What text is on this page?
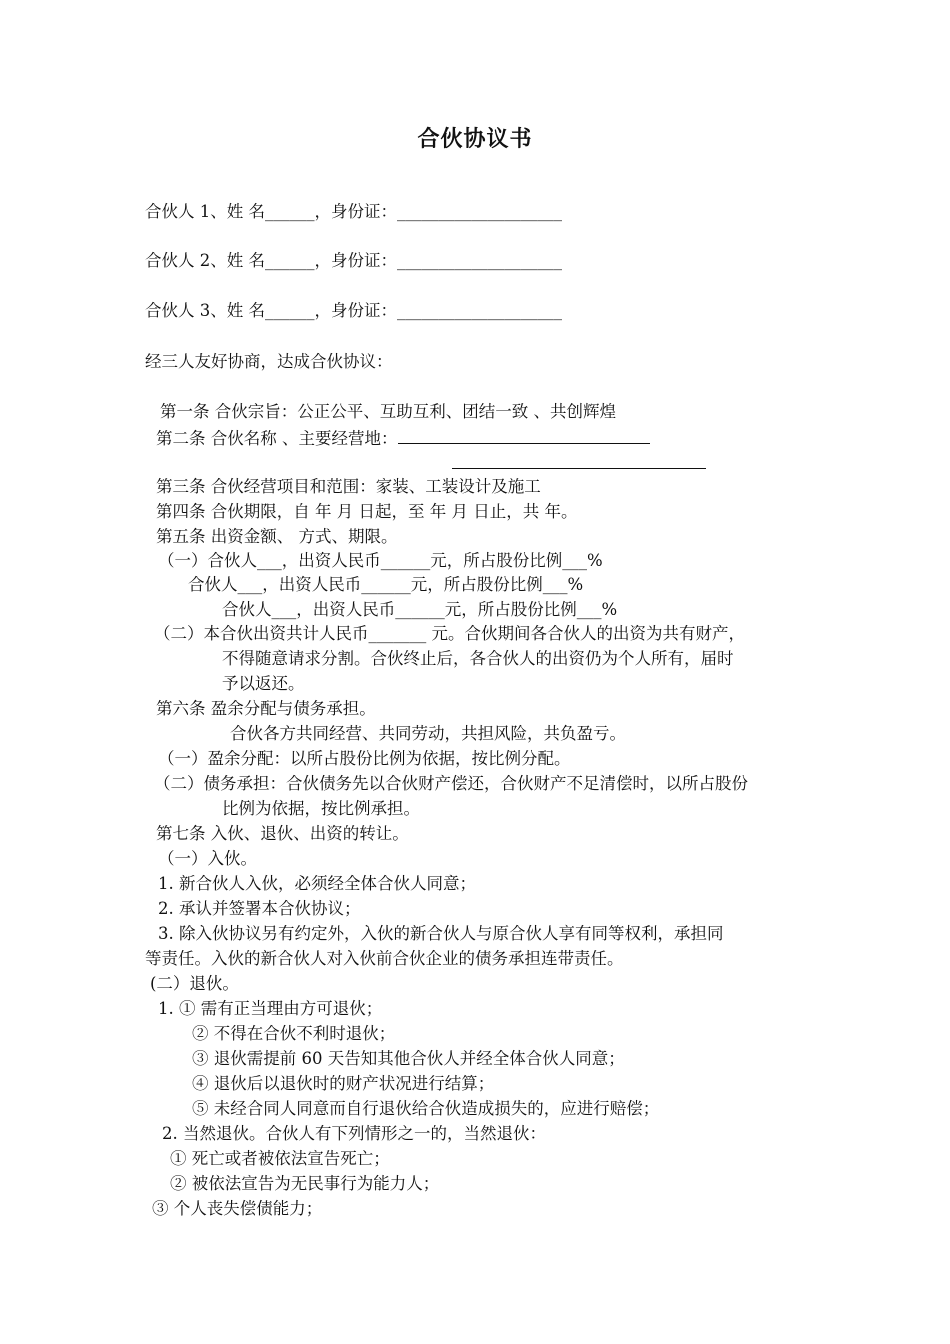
合伙协议书
合伙人 1、姓 名______，身份证：____________________
合伙人 2、姓 名______，身份证：____________________
合伙人 3、姓 名______，身份证：____________________
经三人友好协商，达成合伙协议：
第一条 合伙宗旨：公正公平、互助互利、团结一致 、共创辉煌
第二条 合伙名称 、主要经营地：
第三条 合伙经营项目和范围：家装、工装设计及施工
第四条 合伙期限，自 年 月 日起，至 年 月 日止，共 年。
第五条 出资金额、 方式、期限。
（一）合伙人___，出资人民币______元，所占股份比例___%
合伙人___，出资人民币______元，所占股份比例___%
合伙人___，出资人民币______元，所占股份比例___%
（二）本合伙出资共计人民币_______ 元。合伙期间各合伙人的出资为共有财产，
不得随意请求分割。合伙终止后，各合伙人的出资仍为个人所有，届时
予以返还。
第六条 盈余分配与债务承担。
合伙各方共同经营、共同劳动，共担风险，共负盈亏。
（一）盈余分配：以所占股份比例为依据，按比例分配。
（二）债务承担：合伙债务先以合伙财产偿还，合伙财产不足清偿时，以所占股份
比例为依据，按比例承担。
第七条 入伙、退伙、出资的转让。
（一）入伙。
1. 新合伙人入伙，必须经全体合伙人同意；
2. 承认并签署本合伙协议；
3. 除入伙协议另有约定外，入伙的新合伙人与原合伙人享有同等权利，承担同
等责任。入伙的新合伙人对入伙前合伙企业的债务承担连带责任。
(二）退伙。
1. ① 需有正当理由方可退伙；
② 不得在合伙不利时退伙；
③ 退伙需提前 60 天告知其他合伙人并经全体合伙人同意；
④ 退伙后以退伙时的财产状况进行结算；
⑤ 未经合同人同意而自行退伙给合伙造成损失的，应进行赔偿；
2. 当然退伙。合伙人有下列情形之一的，当然退伙：
① 死亡或者被依法宣告死亡；
② 被依法宣告为无民事行为能力人；
③ 个人丧失偿债能力；
